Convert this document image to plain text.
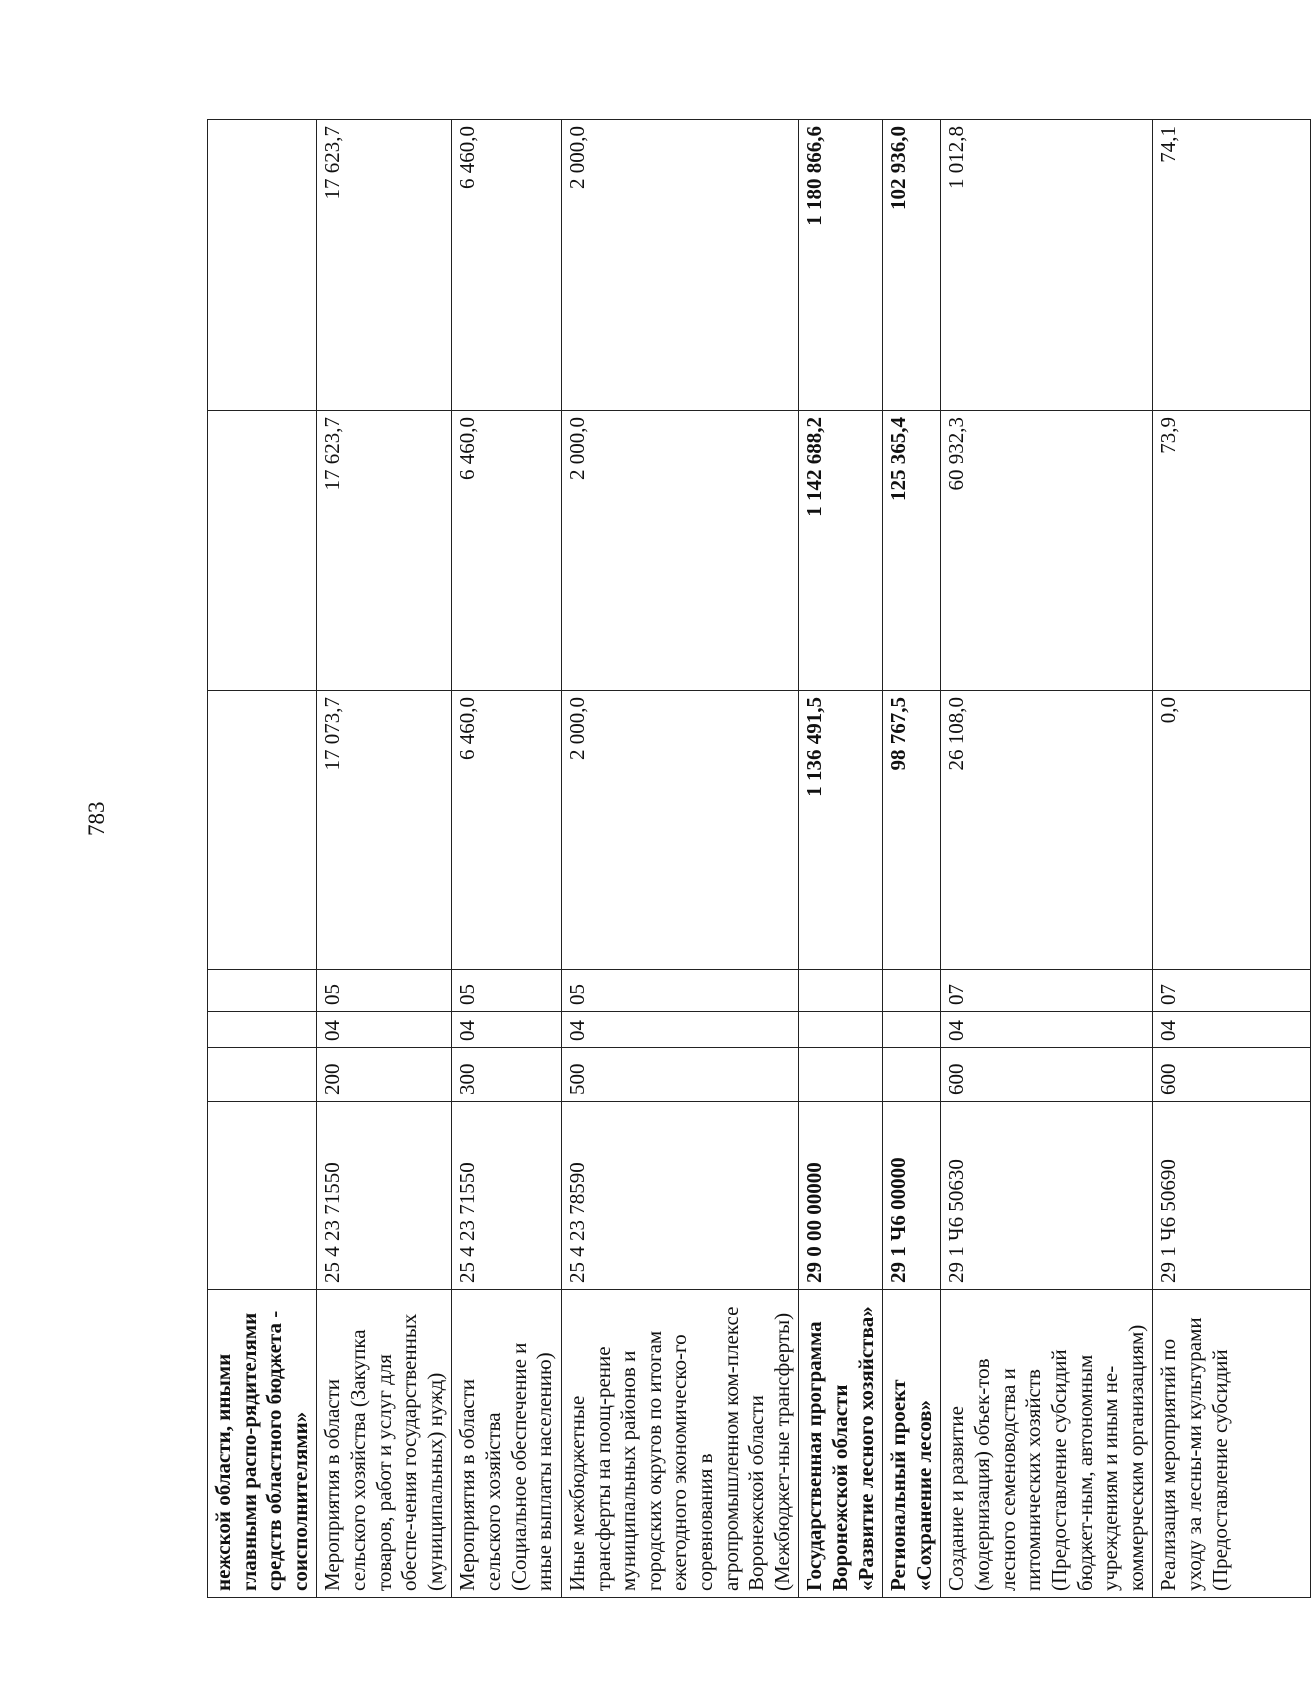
783
нежской области, иными главными распо-рядителями средств областного бюджета - соисполнителями»							
Мероприятия в области сельского хозяйства (Закупка товаров, работ и услуг для обеспе-чения государственных (муниципальных) нужд)	25 4 23 71550	200	04	05	17 073,7	17 623,7	17 623,7
Мероприятия в области сельского хозяйства (Социальное обеспечение и иные выплаты населению)	25 4 23 71550	300	04	05	6 460,0	6 460,0	6 460,0
Иные межбюджетные трансферты на поощ-рение муниципальных районов и городских округов по итогам ежегодного экономическо-го соревнования в агропромышленном ком-плексе Воронежской области (Межбюджет-ные трансферты)	25 4 23 78590	500	04	05	2 000,0	2 000,0	2 000,0
Государственная программа Воронежской области «Развитие лесного хозяйства»	29 0 00 00000				1 136 491,5	1 142 688,2	1 180 866,6
Региональный проект «Сохранение лесов»	29 1 Ч6 00000				98 767,5	125 365,4	102 936,0
Создание и развитие (модернизация) объек-тов лесного семеноводства и питомнических хозяйств (Предоставление субсидий бюджет-ным, автономным учреждениям и иным не-коммерческим организациям)	29 1 Ч6 50630	600	04	07	26 108,0	60 932,3	1 012,8
Реализация мероприятий по уходу за лесны-ми культурами (Предоставление субсидий	29 1 Ч6 50690	600	04	07	0,0	73,9	74,1
